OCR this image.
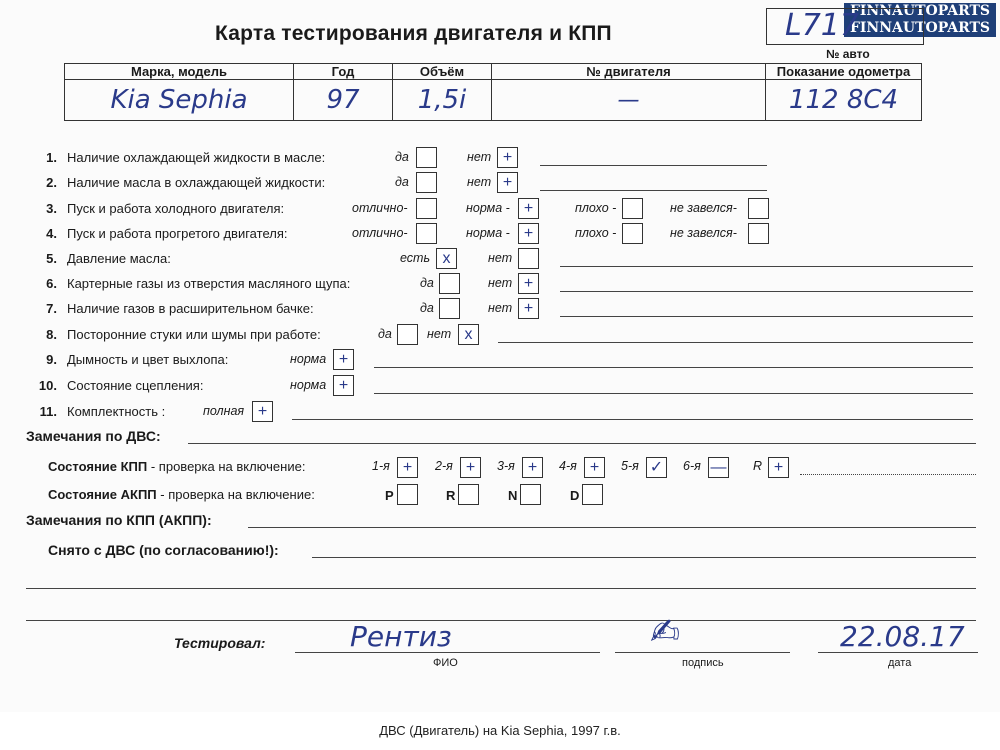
FINNAUTOPARTS
FINNAUTOPARTS
Карта тестирования двигателя и КПП	L717
№ авто
Марка, модель	Год	Объём	№ двигателя	Показание одометра
Kia Sephia	97	1,5i	—	112 8C4
1. Наличие охлаждающей жидкости в масле:	да	нет +
2. Наличие масла в охлаждающей жидкости:	да	нет +
3. Пуск и работа холодного двигателя:	отлично-	норма - +	плохо -	не завелся-
4. Пуск и работа прогретого двигателя:	отлично-	норма - +	плохо -	не завелся-
5. Давление масла:	есть x	нет
6. Картерные газы из отверстия масляного щупа:	да	нет +
7. Наличие газов в расширительном бачке:	да	нет +
8. Посторонние стуки или шумы при работе:	да	нет x
9. Дымность и цвет выхлопа:	норма +
10. Состояние сцепления:	норма +
11. Комплектность :	полная +
Замечания по ДВС:
Состояние КПП - проверка на включение:	1-я +	2-я +	3-я +	4-я +	5-я ✓ 6-я — R +
Состояние АКПП - проверка на включение:	P	R	N	D
Замечания по КПП (АКПП):
Снято с ДВС (по согласованию!):
Тестировал:	Рентиз	✍	22.08.17
ФИО	подпись	дата
ДВС (Двигатель) на Kia Sephia, 1997 г.в.
